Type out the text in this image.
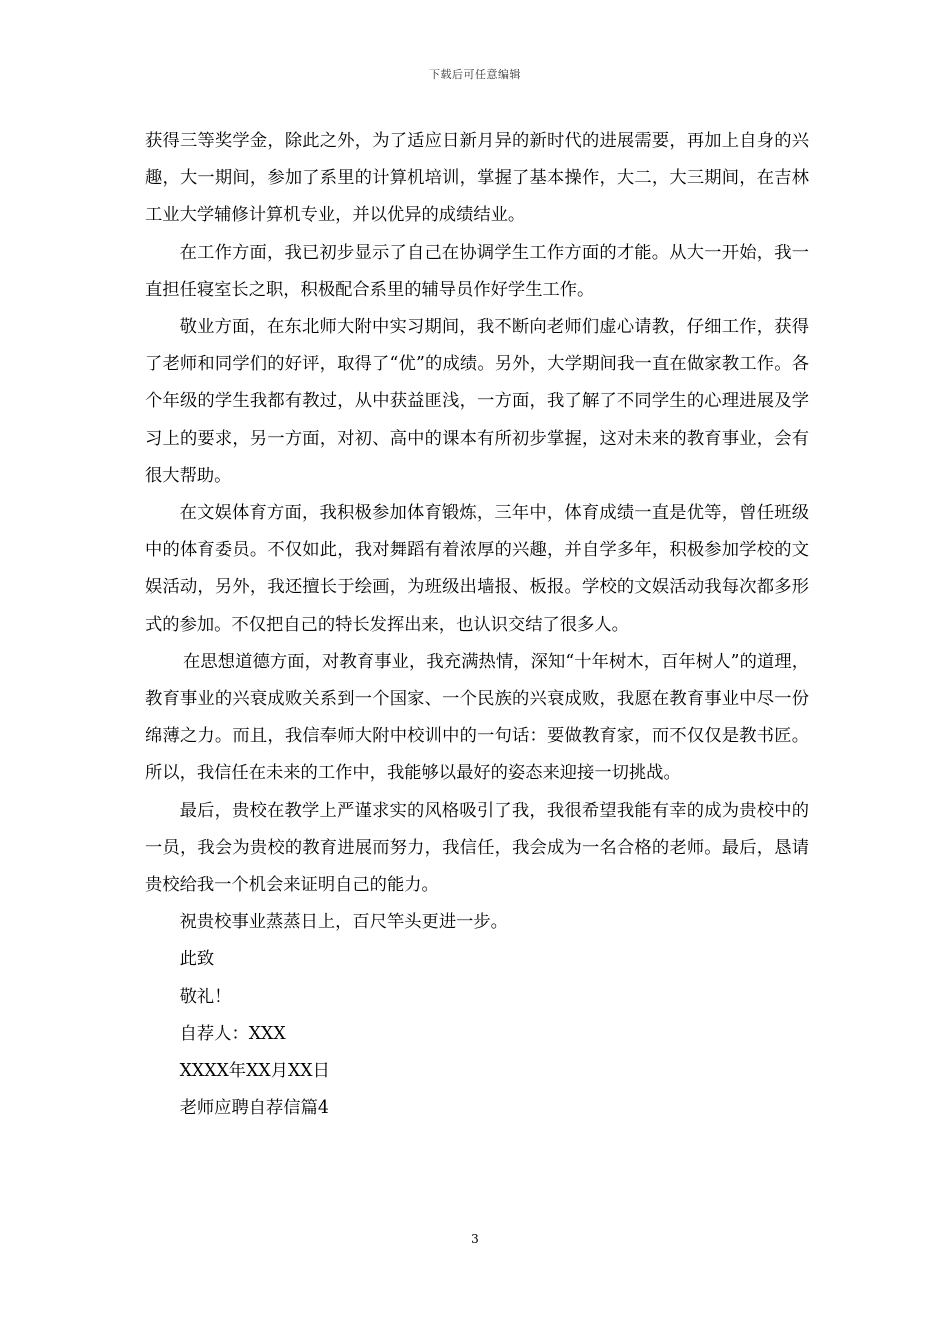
下载后可任意编辑

获得三等奖学金，除此之外，为了适应日新月异的新时代的进展需要，再加上自身的兴趣，大一期间，参加了系里的计算机培训，掌握了基本操作，大二，大三期间，在吉林工业大学辅修计算机专业，并以优异的成绩结业。

在工作方面，我已初步显示了自己在协调学生工作方面的才能。从大一开始，我一直担任寝室长之职，积极配合系里的辅导员作好学生工作。

敬业方面，在东北师大附中实习期间，我不断向老师们虚心请教，仔细工作，获得了老师和同学们的好评，取得了“优”的成绩。另外，大学期间我一直在做家教工作。各个年级的学生我都有教过，从中获益匪浅，一方面，我了解了不同学生的心理进展及学习上的要求，另一方面，对初、高中的课本有所初步掌握，这对未来的教育事业，会有很大帮助。

在文娱体育方面，我积极参加体育锻炼，三年中，体育成绩一直是优等，曾任班级中的体育委员。不仅如此，我对舞蹈有着浓厚的兴趣，并自学多年，积极参加学校的文娱活动，另外，我还擅长于绘画，为班级出墙报、板报。学校的文娱活动我每次都多形式的参加。不仅把自己的特长发挥出来，也认识交结了很多人。

在思想道德方面，对教育事业，我充满热情，深知“十年树木，百年树人”的道理，教育事业的兴衰成败关系到一个国家、一个民族的兴衰成败，我愿在教育事业中尽一份绵薄之力。而且，我信奉师大附中校训中的一句话：要做教育家，而不仅仅是教书匠。所以，我信任在未来的工作中，我能够以最好的姿态来迎接一切挑战。

最后，贵校在教学上严谨求实的风格吸引了我，我很希望我能有幸的成为贵校中的一员，我会为贵校的教育进展而努力，我信任，我会成为一名合格的老师。最后，恳请贵校给我一个机会来证明自己的能力。

祝贵校事业蒸蒸日上，百尺竿头更进一步。

此致

敬礼！

自荐人：XXX

XXXX年XX月XX日

老师应聘自荐信篇4

3
